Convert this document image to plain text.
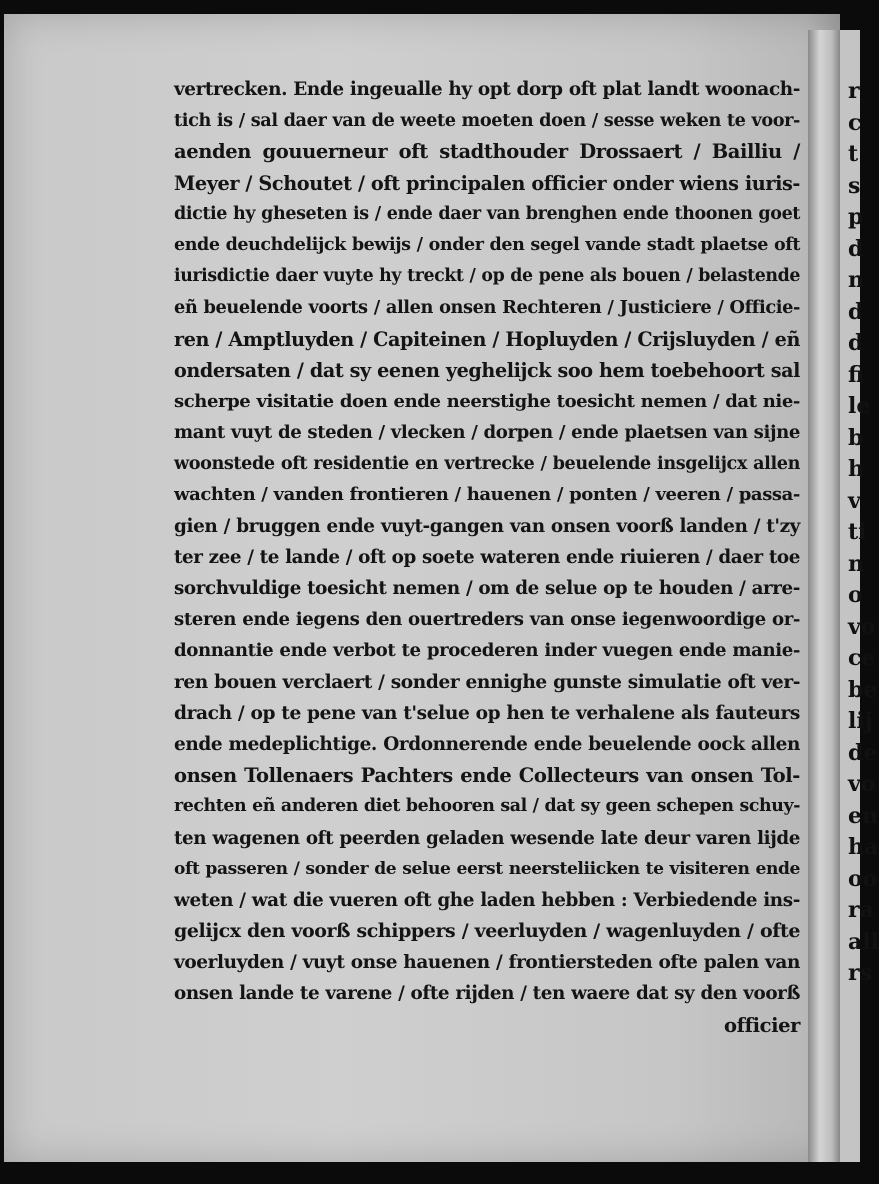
r
c
t
s
p
d
n
d
d
fi
le
b
h
v
ti
n
o
vo
ce
be
lij
de
vo
en
ha
oo
ra
all
rs
vertrecken. Ende ingeualle hy opt dorp oft plat landt woonach-
tich is / sal daer van de weete moeten doen / sesse weken te voor-
aenden gouuerneur oft stadthouder Drossaert / Bailliu /
Meyer / Schoutet / oft principalen officier onder wiens iuris-
dictie hy gheseten is / ende daer van brenghen ende thoonen goet
ende deuchdelijck bewijs / onder den segel vande stadt plaetse oft
iurisdictie daer vuyte hy treckt / op de pene als bouen / belastende
eñ beuelende voorts / allen onsen Rechteren / Justiciere / Officie-
ren / Amptluyden / Capiteinen / Hopluyden / Crijsluyden / eñ
ondersaten / dat sy eenen yeghelijck soo hem toebehoort sal
scherpe visitatie doen ende neerstighe toesicht nemen / dat nie-
mant vuyt de steden / vlecken / dorpen / ende plaetsen van sijne
woonstede oft residentie en vertrecke / beuelende insgelijcx allen
wachten / vanden frontieren / hauenen / ponten / veeren / passa-
gien / bruggen ende vuyt-gangen van onsen voorß landen / t'zy
ter zee / te lande / oft op soete wateren ende riuieren / daer toe
sorchvuldige toesicht nemen / om de selue op te houden / arre-
steren ende iegens den ouertreders van onse iegenwoordige or-
donnantie ende verbot te procederen inder vuegen ende manie-
ren bouen verclaert / sonder ennighe gunste simulatie oft ver-
drach / op te pene van t'selue op hen te verhalene als fauteurs
ende medeplichtige. Ordonnerende ende beuelende oock allen
onsen Tollenaers Pachters ende Collecteurs van onsen Tol-
rechten eñ anderen diet behooren sal / dat sy geen schepen schuy-
ten wagenen oft peerden geladen wesende late deur varen lijde
oft passeren / sonder de selue eerst neersteliicken te visiteren ende
weten / wat die vueren oft ghe laden hebben : Verbiedende ins-
gelijcx den voorß schippers / veerluyden / wagenluyden / ofte
voerluyden / vuyt onse hauenen / frontiersteden ofte palen van
onsen lande te varene / ofte rijden / ten waere dat sy den voorß
officier
